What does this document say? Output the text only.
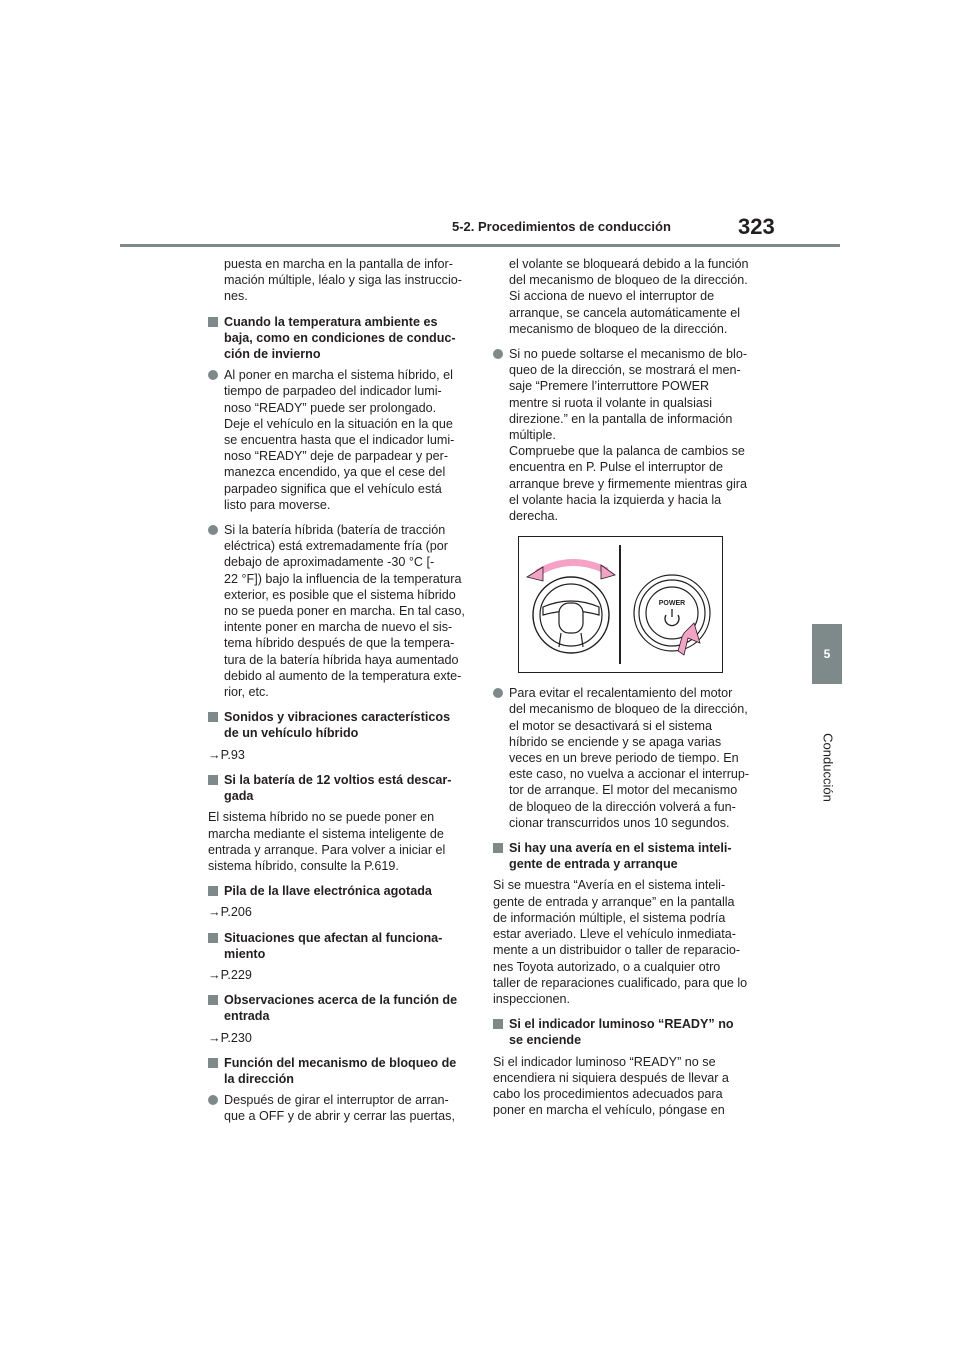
5-2. Procedimientos de conducción	323
5
Conducción

puesta en marcha en la pantalla de infor-
mación múltiple, léalo y siga las instruccio-
nes.

Cuando la temperatura ambiente es
baja, como en condiciones de conduc-
ción de invierno
Al poner en marcha el sistema híbrido, el
tiempo de parpadeo del indicador lumi-
noso “READY” puede ser prolongado.
Deje el vehículo en la situación en la que
se encuentra hasta que el indicador lumi-
noso “READY” deje de parpadear y per-
manezca encendido, ya que el cese del
parpadeo significa que el vehículo está
listo para moverse.
Si la batería híbrida (batería de tracción
eléctrica) está extremadamente fría (por
debajo de aproximadamente -30 °C [-
22 °F]) bajo la influencia de la temperatura
exterior, es posible que el sistema híbrido
no se pueda poner en marcha. En tal caso,
intente poner en marcha de nuevo el sis-
tema híbrido después de que la tempera-
tura de la batería híbrida haya aumentado
debido al aumento de la temperatura exte-
rior, etc.
Sonidos y vibraciones característicos
de un vehículo híbrido

→P.93

Si la batería de 12 voltios está descar-
gada

El sistema híbrido no se puede poner en
marcha mediante el sistema inteligente de
entrada y arranque. Para volver a iniciar el
sistema híbrido, consulte la P.619.

Pila de la llave electrónica agotada

→P.206

Situaciones que afectan al funciona-
miento

→P.229

Observaciones acerca de la función de
entrada

→P.230

Función del mecanismo de bloqueo de
la dirección
Después de girar el interruptor de arran-
que a OFF y de abrir y cerrar las puertas,

el volante se bloqueará debido a la función
del mecanismo de bloqueo de la dirección.
Si acciona de nuevo el interruptor de
arranque, se cancela automáticamente el
mecanismo de bloqueo de la dirección.

Si no puede soltarse el mecanismo de blo-
queo de la dirección, se mostrará el men-
saje “Premere l’interruttore POWER
mentre si ruota il volante in qualsiasi
direzione.” en la pantalla de información
múltiple.
Compruebe que la palanca de cambios se
encuentra en P. Pulse el interruptor de
arranque breve y firmemente mientras gira
el volante hacia la izquierda y hacia la
derecha.
POWER
Para evitar el recalentamiento del motor
del mecanismo de bloqueo de la dirección,
el motor se desactivará si el sistema
híbrido se enciende y se apaga varias
veces en un breve periodo de tiempo. En
este caso, no vuelva a accionar el interrup-
tor de arranque. El motor del mecanismo
de bloqueo de la dirección volverá a fun-
cionar transcurridos unos 10 segundos.
Si hay una avería en el sistema inteli-
gente de entrada y arranque

Si se muestra “Avería en el sistema inteli-
gente de entrada y arranque” en la pantalla
de información múltiple, el sistema podría
estar averiado. Lleve el vehículo inmediata-
mente a un distribuidor o taller de reparacio-
nes Toyota autorizado, o a cualquier otro
taller de reparaciones cualificado, para que lo
inspeccionen.

Si el indicador luminoso “READY” no
se enciende

Si el indicador luminoso “READY” no se
encendiera ni siquiera después de llevar a
cabo los procedimientos adecuados para
poner en marcha el vehículo, póngase en
